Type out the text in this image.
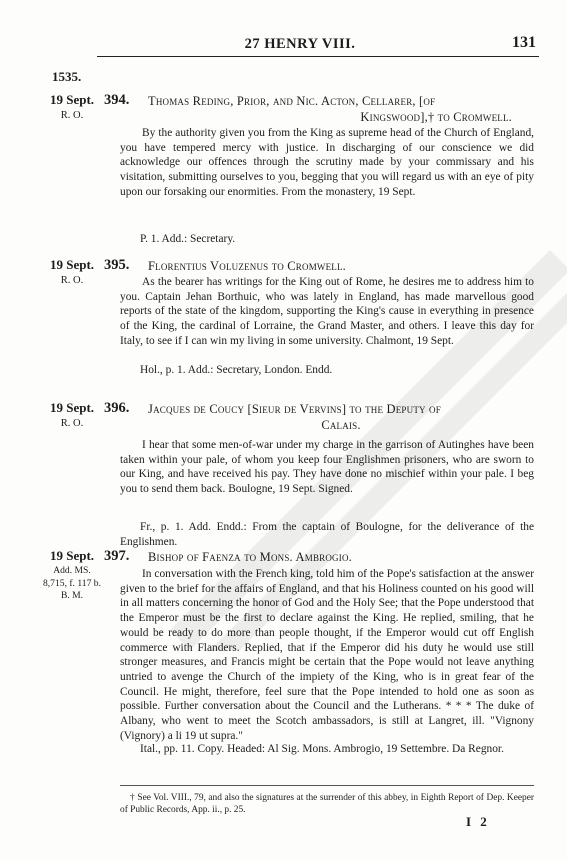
27 HENRY VIII.	131
1535.
19 Sept.
R. O.
394. Thomas Reding, Prior, and Nic. Acton, Cellarer, [of
Kingswood],† to Cromwell.
By the authority given you from the King as supreme head of the Church of England, you have tempered mercy with justice. In discharging of our conscience we did acknowledge our offences through the scrutiny made by your commissary and his visitation, submitting ourselves to you, begging that you will regard us with an eye of pity upon our forsaking our enormities. From the monastery, 19 Sept.
P. 1. Add.: Secretary.
19 Sept.
R. O.
395. Florentius Voluzenus to Cromwell.
As the bearer has writings for the King out of Rome, he desires me to address him to you. Captain Jehan Borthuic, who was lately in England, has made marvellous good reports of the state of the kingdom, supporting the King's cause in everything in presence of the King, the cardinal of Lorraine, the Grand Master, and others. I leave this day for Italy, to see if I can win my living in some university. Chalmont, 19 Sept.
Hol., p. 1. Add.: Secretary, London. Endd.
19 Sept.
R. O.
396. Jacques de Coucy [Sieur de Vervins] to the Deputy of
Calais.
I hear that some men-of-war under my charge in the garrison of Autinghes have been taken within your pale, of whom you keep four Englishmen prisoners, who are sworn to our King, and have received his pay. They have done no mischief within your pale. I beg you to send them back. Boulogne, 19 Sept. Signed.
Fr., p. 1. Add. Endd.: From the captain of Boulogne, for the deliverance of the Englishmen.
19 Sept.
Add. MS. 8,715, f. 117 b. B. M.
397. Bishop of Faenza to Mons. Ambrogio.
In conversation with the French king, told him of the Pope's satisfaction at the answer given to the brief for the affairs of England, and that his Holiness counted on his good will in all matters concerning the honor of God and the Holy See; that the Pope understood that the Emperor must be the first to declare against the King. He replied, smiling, that he would be ready to do more than people thought, if the Emperor would cut off English commerce with Flanders. Replied, that if the Emperor did his duty he would use still stronger measures, and Francis might be certain that the Pope would not leave anything untried to avenge the Church of the impiety of the King, who is in great fear of the Council. He might, therefore, feel sure that the Pope intended to hold one as soon as possible. Further conversation about the Council and the Lutherans. * * * The duke of Albany, who went to meet the Scotch ambassadors, is still at Langret, ill. "Vignony (Vignory) a li 19 ut supra."
Ital., pp. 11. Copy. Headed: Al Sig. Mons. Ambrogio, 19 Settembre. Da Regnor.
† See Vol. VIII., 79, and also the signatures at the surrender of this abbey, in Eighth Report of Dep. Keeper of Public Records, App. ii., p. 25.
I 2
